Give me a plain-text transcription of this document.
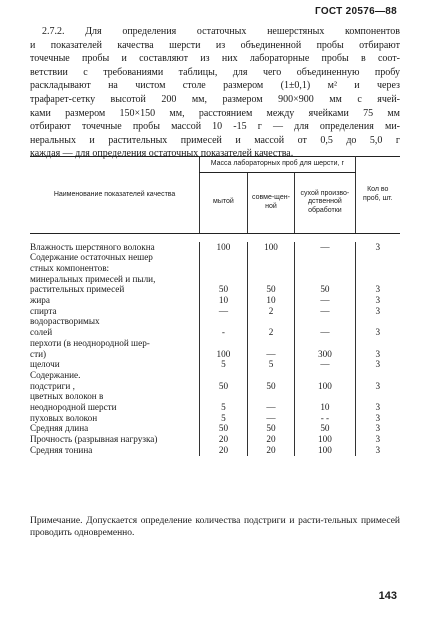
ГОСТ 20576—88

2.7.2. Для определения остаточных нешерстяных компонентов

и показателей качества шерсти из объединенной пробы отбирают

точечные пробы и составляют из них лабораторные пробы в соот-

ветствии с требованиями таблицы, для чего объединенную пробу

раскладывают на чистом столе размером (1±0,1) м² и через

трафарет-сетку высотой 200 мм, размером 900×900 мм с ячей-

ками размером 150×150 мм, расстоянием между ячейками 75 мм

отбирают точечные пробы массой 10 -15 г — для определения ми-

неральных и растительных примесей и массой от 0,5 до 5,0 г

каждая — для определения остаточных показателей качества.

Наименование показателей качества	Масса лабораторных проб для шерсти, г			Кол во проб, шт.
	мытой	совме-щен-ной	сухой произво-дственной обработки	

Влажность шерстяного волокна	100	100	—	3
Содержание остаточных нешер				
стных компонентов:				
минеральных примесей и пыли,				
растительных примесей	50	50	50	3
жира	10	10	—	3
спирта	—	2	—	3
водорастворимых				
солей	-	2	—	3
перхоти (в неоднородной шер-				
сти)	100	—	300	3
щелочи	5	5	—	3
Содержание.				
подстриги ,	50	50	100	3
цветных волокон в				
неоднородной шерсти	5	—	10	3
пуховых волокон	5	—	- -	3
Средняя длина	50	50	50	3
Прочность (разрывная нагрузка)	20	20	100	3
Средняя тонина	20	20	100	3
Примечание. Допускается определение количества подстриги и расти-тельных примесей проводить одновременно.
143
